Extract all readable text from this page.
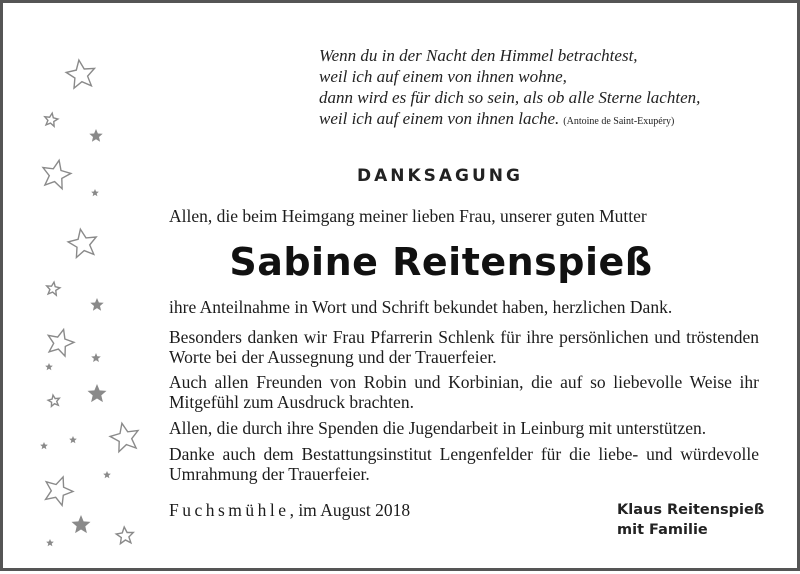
Wenn du in der Nacht den Himmel betrachtest,
weil ich auf einem von ihnen wohne,
dann wird es für dich so sein, als ob alle Sterne lachten,
weil ich auf einem von ihnen lache. (Antoine de Saint-Exupéry)
DANKSAGUNG
Allen, die beim Heimgang meiner lieben Frau, unserer guten Mutter
Sabine Reitenspieß
ihre Anteilnahme in Wort und Schrift bekundet haben, herzlichen Dank.
Besonders danken wir Frau Pfarrerin Schlenk für ihre persönlichen und tröstenden Worte bei der Aussegnung und der Trauerfeier.
Auch allen Freunden von Robin und Korbinian, die auf so liebevolle Weise ihr Mitgefühl zum Ausdruck brachten.
Allen, die durch ihre Spenden die Jugendarbeit in Leinburg mit unterstützen.
Danke auch dem Bestattungsinstitut Lengenfelder für die liebe- und würdevolle Umrahmung der Trauerfeier.
Fuchsmühle, im August 2018	Klaus Reitenspieß
mit Familie
